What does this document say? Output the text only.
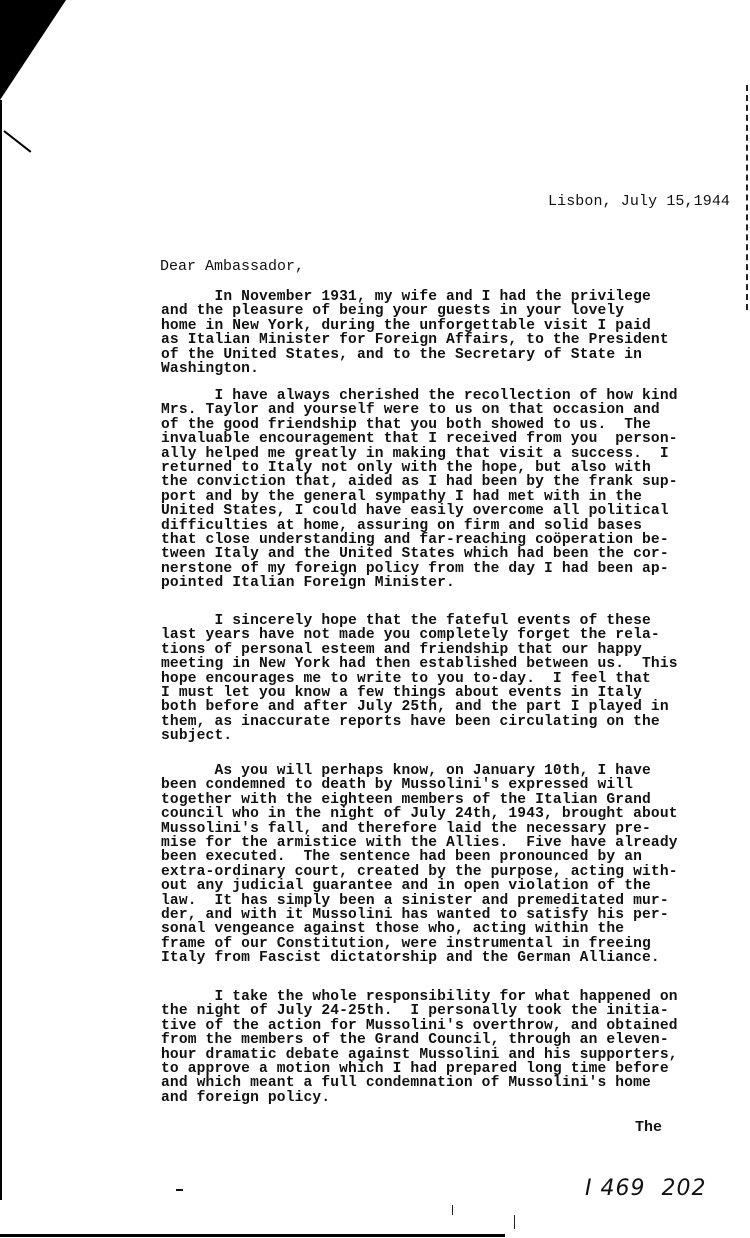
Lisbon, July 15,1944
Dear Ambassador,
In November 1931, my wife and I had the privilege
and the pleasure of being your guests in your lovely
home in New York, during the unforgettable visit I paid
as Italian Minister for Foreign Affairs, to the President
of the United States, and to the Secretary of State in
Washington.
I have always cherished the recollection of how kind
Mrs. Taylor and yourself were to us on that occasion and
of the good friendship that you both showed to us.  The
invaluable encouragement that I received from you  person-
ally helped me greatly in making that visit a success.  I
returned to Italy not only with the hope, but also with
the conviction that, aided as I had been by the frank sup-
port and by the general sympathy I had met with in the
United States, I could have easily overcome all political
difficulties at home, assuring on firm and solid bases
that close understanding and far-reaching coöperation be-
tween Italy and the United States which had been the cor-
nerstone of my foreign policy from the day I had been ap-
pointed Italian Foreign Minister.
I sincerely hope that the fateful events of these
last years have not made you completely forget the rela-
tions of personal esteem and friendship that our happy
meeting in New York had then established between us.  This
hope encourages me to write to you to-day.  I feel that
I must let you know a few things about events in Italy
both before and after July 25th, and the part I played in
them, as inaccurate reports have been circulating on the
subject.
As you will perhaps know, on January 10th, I have
been condemned to death by Mussolini's expressed will
together with the eighteen members of the Italian Grand
council who in the night of July 24th, 1943, brought about
Mussolini's fall, and therefore laid the necessary pre-
mise for the armistice with the Allies.  Five have already
been executed.  The sentence had been pronounced by an
extra-ordinary court, created by the purpose, acting with-
out any judicial guarantee and in open violation of the
law.  It has simply been a sinister and premeditated mur-
der, and with it Mussolini has wanted to satisfy his per-
sonal vengeance against those who, acting within the
frame of our Constitution, were instrumental in freeing
Italy from Fascist dictatorship and the German Alliance.
I take the whole responsibility for what happened on
the night of July 24-25th.  I personally took the initia-
tive of the action for Mussolini's overthrow, and obtained
from the members of the Grand Council, through an eleven-
hour dramatic debate against Mussolini and his supporters,
to approve a motion which I had prepared long time before
and which meant a full condemnation of Mussolini's home
and foreign policy.
The
I 469  202
